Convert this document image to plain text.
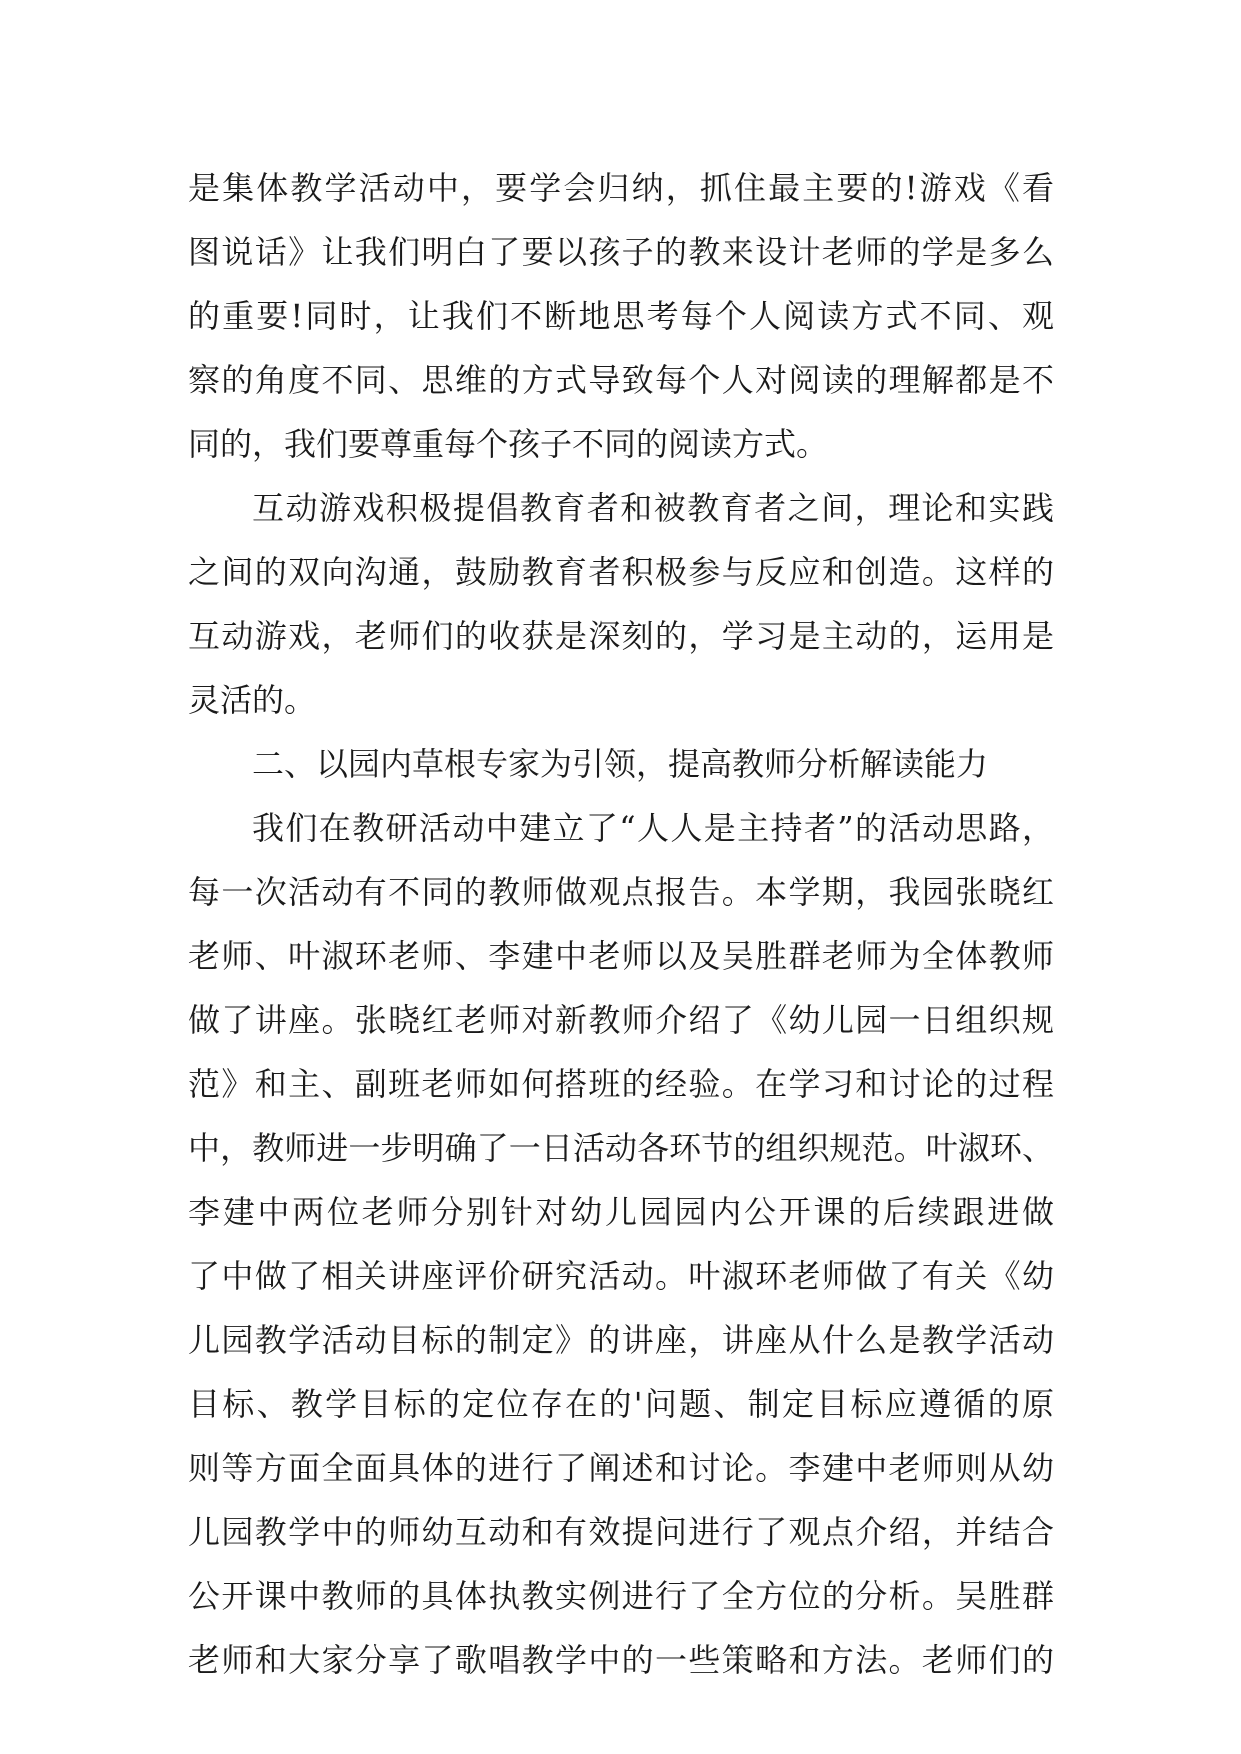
是集体教学活动中，要学会归纳，抓住最主要的!游戏《看
图说话》让我们明白了要以孩子的教来设计老师的学是多么
的重要!同时，让我们不断地思考每个人阅读方式不同、观
察的角度不同、思维的方式导致每个人对阅读的理解都是不
同的，我们要尊重每个孩子不同的阅读方式。
互动游戏积极提倡教育者和被教育者之间，理论和实践
之间的双向沟通，鼓励教育者积极参与反应和创造。这样的
互动游戏，老师们的收获是深刻的，学习是主动的，运用是
灵活的。
二、以园内草根专家为引领，提高教师分析解读能力
我们在教研活动中建立了“人人是主持者”的活动思路，
每一次活动有不同的教师做观点报告。本学期，我园张晓红
老师、叶淑环老师、李建中老师以及吴胜群老师为全体教师
做了讲座。张晓红老师对新教师介绍了《幼儿园一日组织规
范》和主、副班老师如何搭班的经验。在学习和讨论的过程
中，教师进一步明确了一日活动各环节的组织规范。叶淑环、
李建中两位老师分别针对幼儿园园内公开课的后续跟进做
了中做了相关讲座评价研究活动。叶淑环老师做了有关《幼
儿园教学活动目标的制定》的讲座，讲座从什么是教学活动
目标、教学目标的定位存在的'问题、制定目标应遵循的原
则等方面全面具体的进行了阐述和讨论。李建中老师则从幼
儿园教学中的师幼互动和有效提问进行了观点介绍，并结合
公开课中教师的具体执教实例进行了全方位的分析。吴胜群
老师和大家分享了歌唱教学中的一些策略和方法。老师们的
